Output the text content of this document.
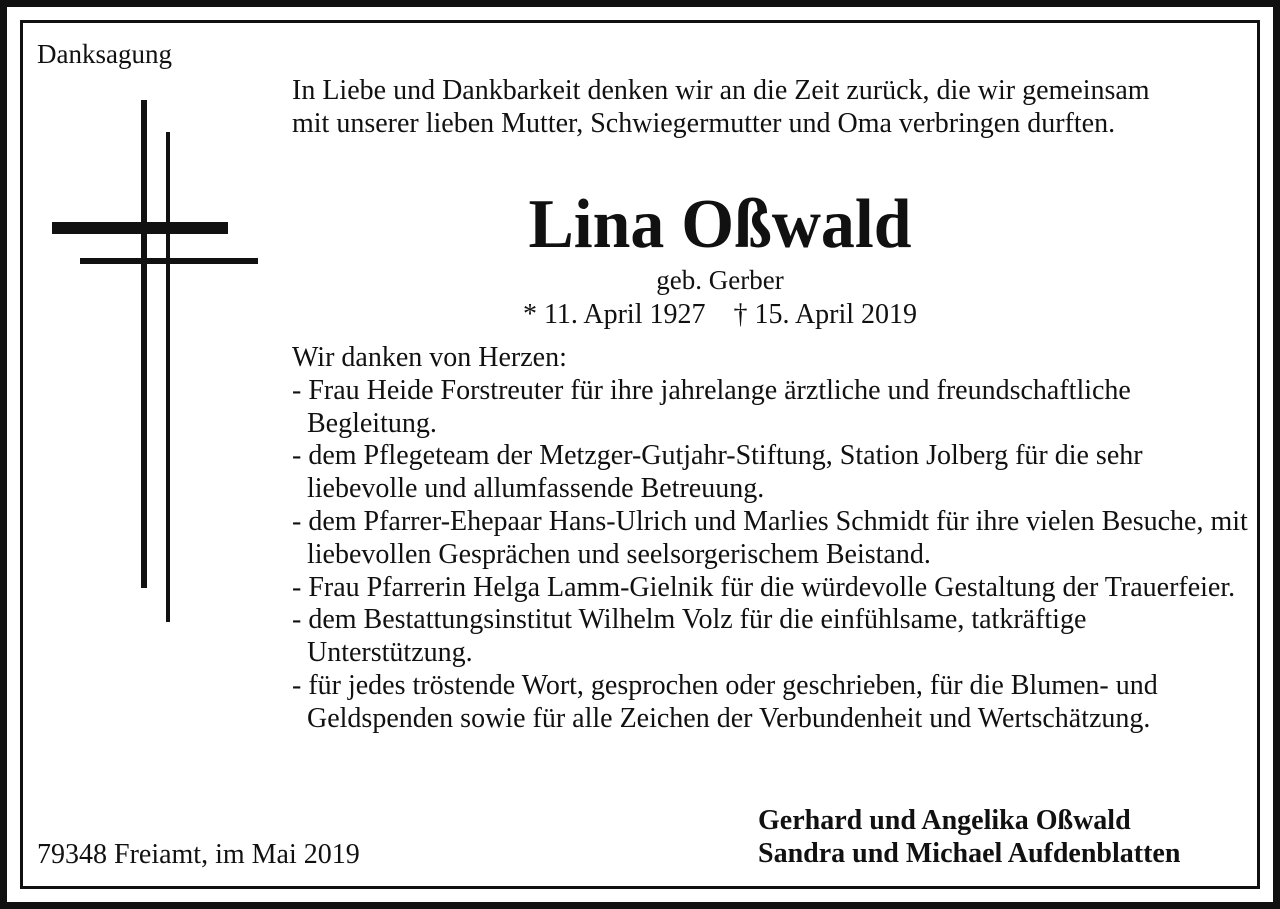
Danksagung

In Liebe und Dankbarkeit denken wir an die Zeit zurück, die wir gemeinsam mit unserer lieben Mutter, Schwiegermutter und Oma verbringen durften.

Lina Oßwald
geb. Gerber
* 11. April 1927 † 15. April 2019

Wir danken von Herzen:

- Frau Heide Forstreuter für ihre jahrelange ärztliche und freundschaftliche Begleitung.
- dem Pflegeteam der Metzger-Gutjahr-Stiftung, Station Jolberg für die sehr liebevolle und allumfassende Betreuung.
- dem Pfarrer-Ehepaar Hans-Ulrich und Marlies Schmidt für ihre vielen Besuche, mit liebevollen Gesprächen und seelsorgerischem Beistand.
- Frau Pfarrerin Helga Lamm-Gielnik für die würdevolle Gestaltung der Trauerfeier.
- dem Bestattungsinstitut Wilhelm Volz für die einfühlsame, tatkräftige Unterstützung.
- für jedes tröstende Wort, gesprochen oder geschrieben, für die Blumen- und Geldspenden sowie für alle Zeichen der Verbundenheit und Wertschätzung.
79348 Freiamt, im Mai 2019
Gerhard und Angelika Oßwald
Sandra und Michael Aufdenblatten
